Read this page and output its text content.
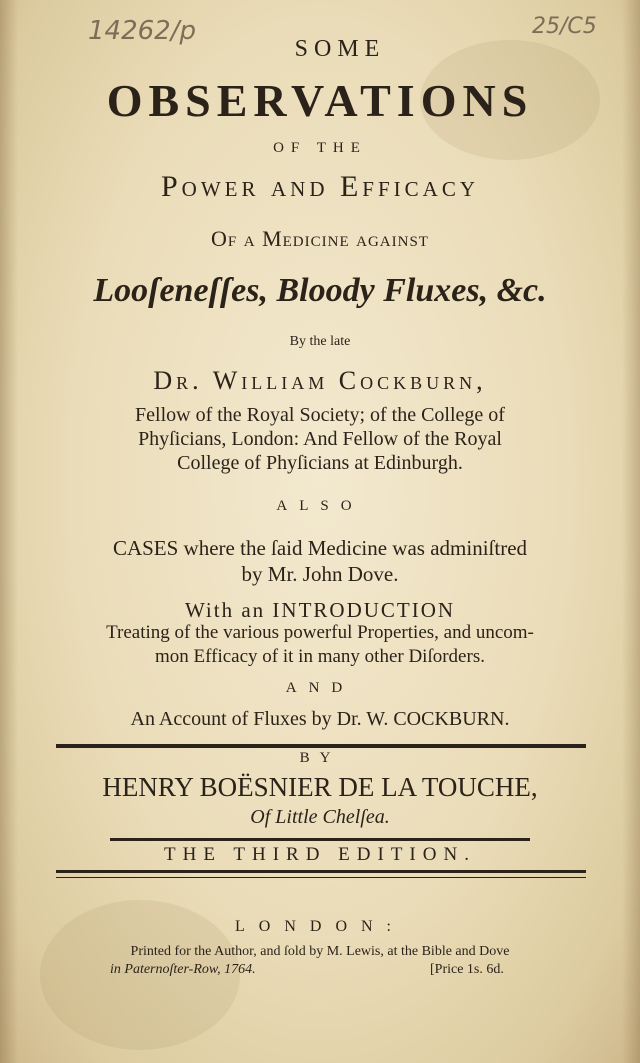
14262/p	25/C5
SOME
OBSERVATIONS
OF THE
Power and Efficacy
Of a Medicine againſt
Looſeneſſes, Bloody Fluxes, &c.
By the late
Dr. William Cockburn,
Fellow of the Royal Society; of the College of
Phyſicians, London: And Fellow of the Royal
College of Phyſicians at Edinburgh.
ALSO
CASES where the ſaid Medicine was adminiſtred
by Mr. John Dove.
With an INTRODUCTION
Treating of the various powerful Properties, and uncom-
mon Efficacy of it in many other Diſorders.
AND
An Account of Fluxes by Dr. W. COCKBURN.
BY
HENRY BOËSNIER DE LA TOUCHE,
Of Little Chelſea.
THE THIRD EDITION.
LONDON:
Printed for the Author, and ſold by M. Lewis, at the Bible and Dove
in Paternoſter-Row, 1764.	[Price 1s. 6d.
